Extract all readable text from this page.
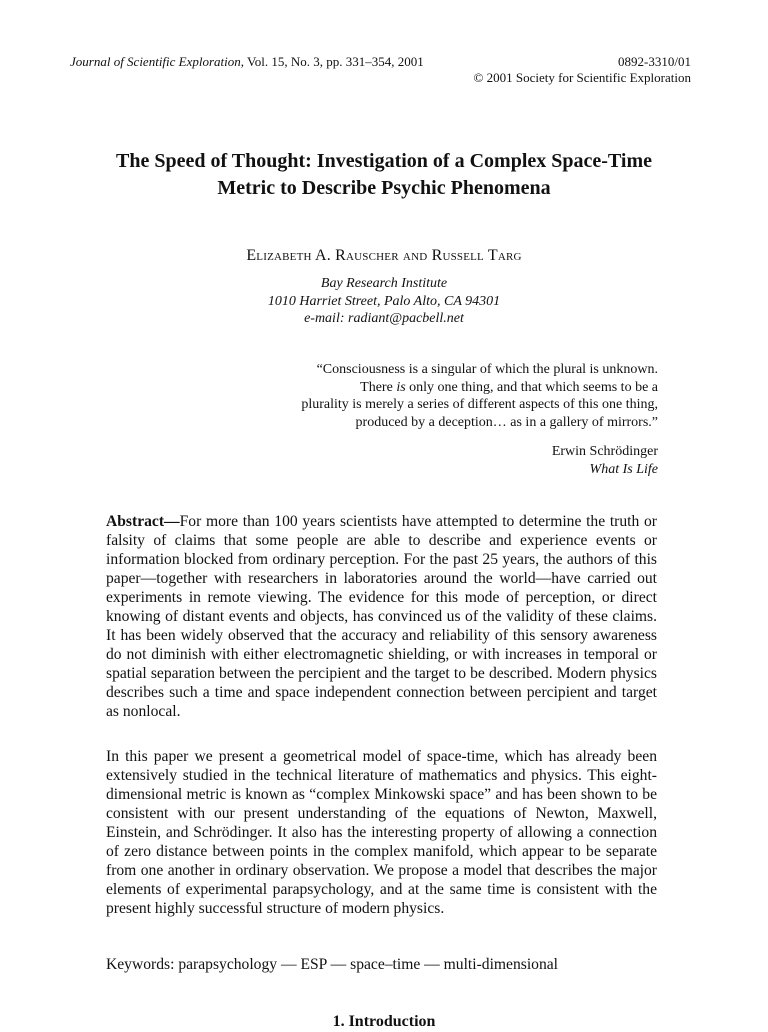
Journal of Scientific Exploration, Vol. 15, No. 3, pp. 331–354, 2001	0892-3310/01
© 2001 Society for Scientific Exploration
The Speed of Thought: Investigation of a Complex Space-Time
Metric to Describe Psychic Phenomena
Elizabeth A. Rauscher and Russell Targ
Bay Research Institute
1010 Harriet Street, Palo Alto, CA 94301
e-mail: radiant@pacbell.net
“Consciousness is a singular of which the plural is unknown.
There is only one thing, and that which seems to be a
plurality is merely a series of different aspects of this one thing,
produced by a deception… as in a gallery of mirrors.”
Erwin Schrödinger
What Is Life
Abstract—For more than 100 years scientists have attempted to determine the truth or falsity of claims that some people are able to describe and experience events or information blocked from ordinary perception. For the past 25 years, the authors of this paper—together with researchers in laboratories around the world—have carried out experiments in remote viewing. The evidence for this mode of perception, or direct knowing of distant events and objects, has convinced us of the validity of these claims. It has been widely observed that the accuracy and reliability of this sensory awareness do not diminish with either electromagnetic shielding, or with increases in temporal or spatial separation between the percipient and the target to be described. Modern physics describes such a time and space independent connection between percipient and target as nonlocal.
In this paper we present a geometrical model of space-time, which has already been extensively studied in the technical literature of mathematics and physics. This eight-dimensional metric is known as “complex Minkowski space” and has been shown to be consistent with our present understanding of the equations of Newton, Maxwell, Einstein, and Schrödinger. It also has the interesting property of allowing a connection of zero distance between points in the complex manifold, which appear to be separate from one another in ordinary observation. We propose a model that describes the major elements of experimental parapsychology, and at the same time is consistent with the present highly successful structure of modern physics.
Keywords: parapsychology — ESP — space–time — multi-dimensional
1. Introduction
